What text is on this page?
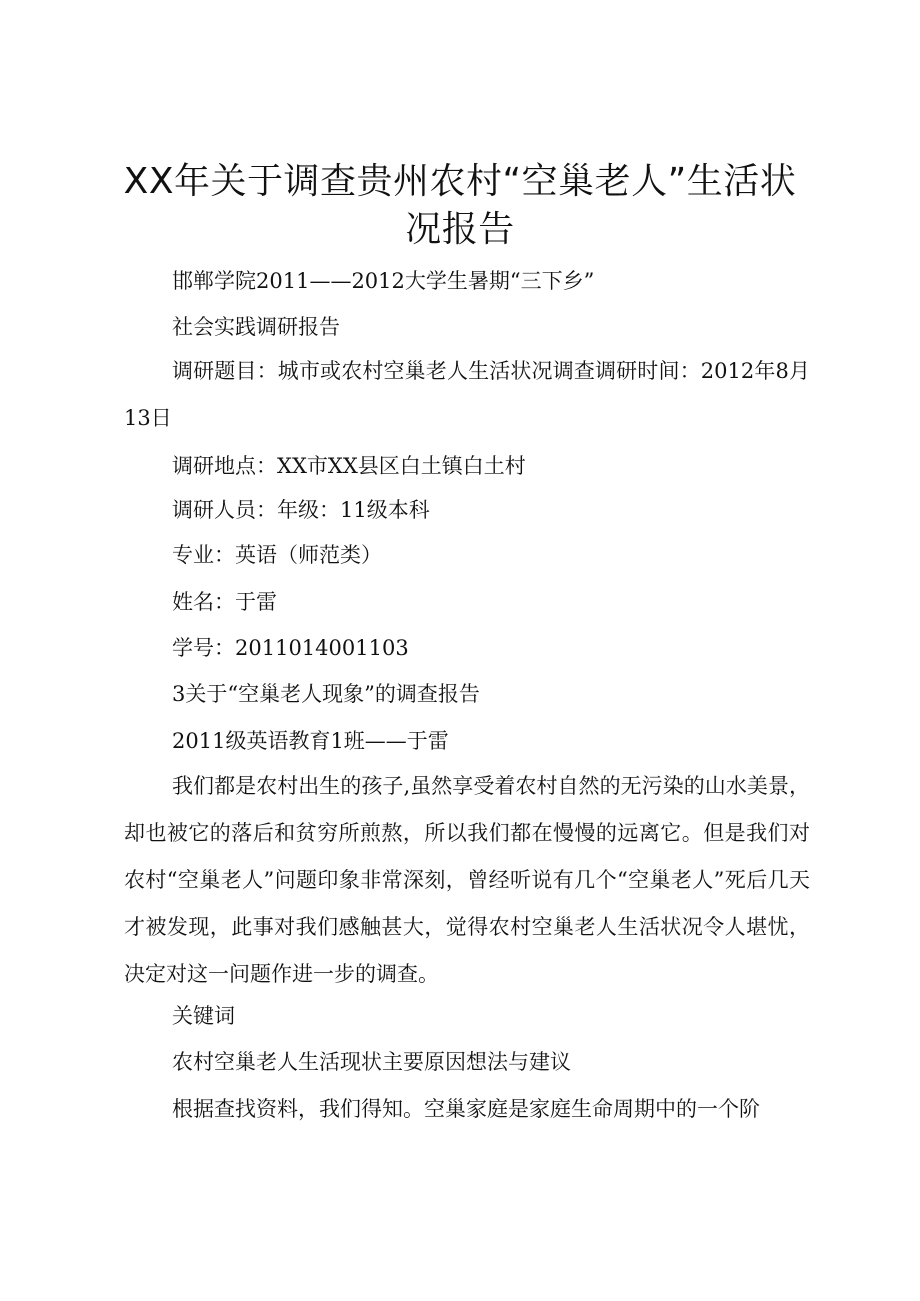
XX年关于调查贵州农村“空巢老人”生活状况报告

邯郸学院2011——2012大学生暑期“三下乡”

社会实践调研报告

调研题目：城市或农村空巢老人生活状况调查调研时间：2012年8月13日

调研地点：XX市XX县区白土镇白土村

调研人员：年级：11级本科

专业：英语（师范类）

姓名：于雷

学号：2011014001103

3关于“空巢老人现象”的调查报告

2011级英语教育1班——于雷

我们都是农村出生的孩子,虽然享受着农村自然的无污染的山水美景，却也被它的落后和贫穷所煎熬，所以我们都在慢慢的远离它。但是我们对农村“空巢老人”问题印象非常深刻，曾经听说有几个“空巢老人”死后几天才被发现，此事对我们感触甚大，觉得农村空巢老人生活状况令人堪忧，决定对这一问题作进一步的调查。

关键词

农村空巢老人生活现状主要原因想法与建议

根据查找资料，我们得知。空巢家庭是家庭生命周期中的一个阶
